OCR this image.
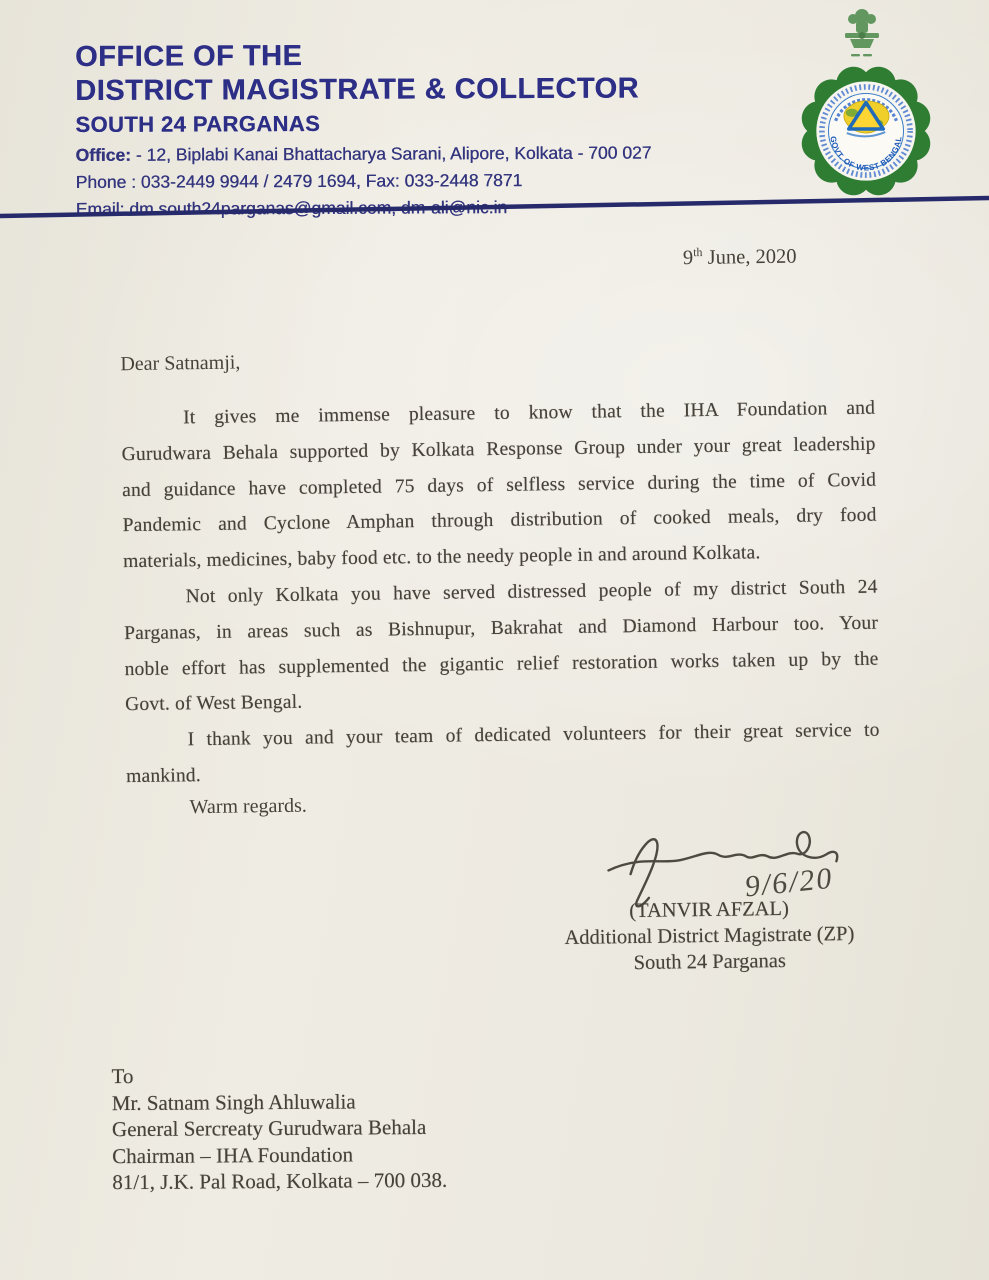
OFFICE OF THE
DISTRICT MAGISTRATE & COLLECTOR
SOUTH 24 PARGANAS
Office: - 12, Biplabi Kanai Bhattacharya Sarani, Alipore, Kolkata - 700 027
Phone : 033-2449 9944 / 2479 1694, Fax: 033-2448 7871
Email: dm.south24parganas@gmail.com, dm-ali@nic.in
GOVT. OF WEST BENGAL
9th June, 2020
Dear Satnamji,
It gives me immense pleasure to know that the IHA Foundation and
Gurudwara Behala supported by Kolkata Response Group under your great leadership
and guidance have completed 75 days of selfless service during the time of Covid
Pandemic and Cyclone Amphan through distribution of cooked meals, dry food
materials, medicines, baby food etc. to the needy people in and around Kolkata.
Not only Kolkata you have served distressed people of my district South 24
Parganas, in areas such as Bishnupur, Bakrahat and Diamond Harbour too. Your
noble effort has supplemented the gigantic relief restoration works taken up by the
Govt. of West Bengal.
I thank you and your team of dedicated volunteers for their great service to
mankind.
Warm regards.
9/6/20
(TANVIR AFZAL)
Additional District Magistrate (ZP)
South 24 Parganas
To
Mr. Satnam Singh Ahluwalia
General Sercreaty Gurudwara Behala
Chairman – IHA Foundation
81/1, J.K. Pal Road, Kolkata – 700 038.
